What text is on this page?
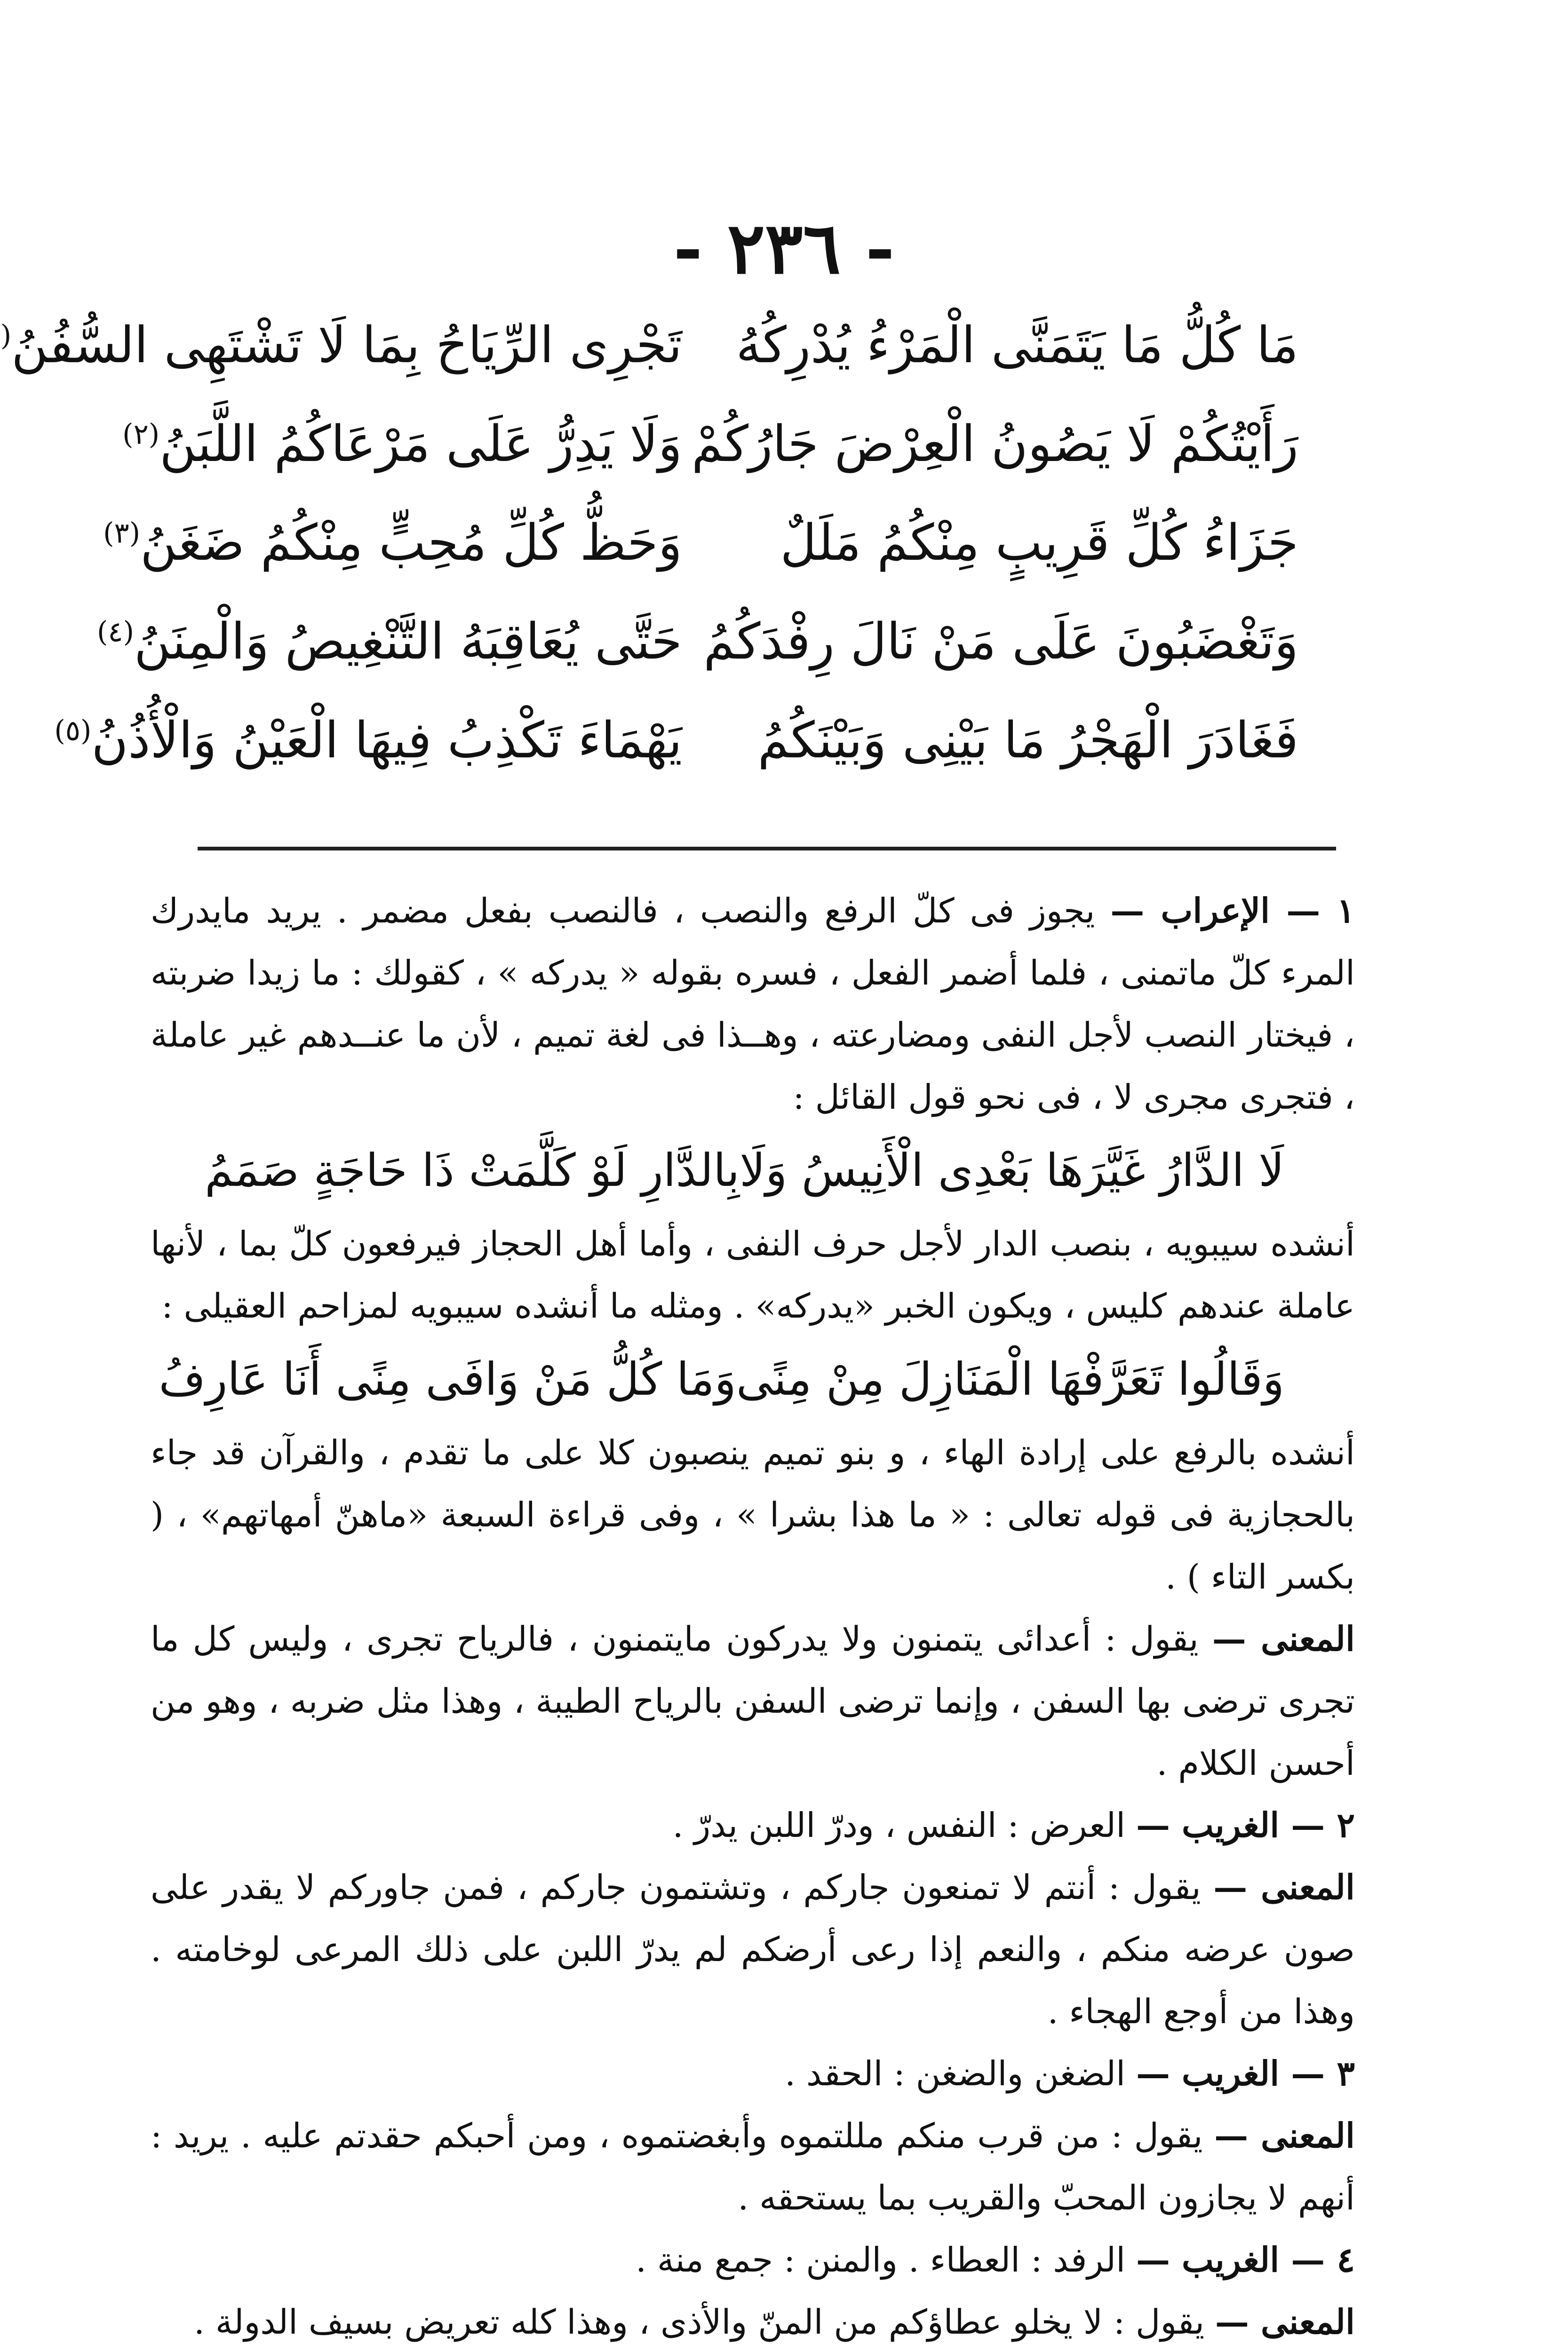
- ٢٣٦ -
مَا كُلُّ مَا يَتَمَنَّى الْمَرْءُ يُدْرِكُهُ
تَجْرِى الرِّيَاحُ بِمَا لَا تَشْتَهِى السُّفُنُ(
رَأَيْتُكُمْ لَا يَصُونُ الْعِرْضَ جَارُكُمْ
وَلَا يَدِرُّ عَلَى مَرْعَاكُمُ اللَّبَنُ$^{(٢)}$
جَزَاءُ كُلِّ قَرِيبٍ مِنْكُمُ مَلَلٌ
وَحَظُّ كُلِّ مُحِبٍّ مِنْكُمُ ضَغَنُ$^{(٣)}$
وَتَغْضَبُونَ عَلَى مَنْ نَالَ رِفْدَكُمُ
حَتَّى يُعَاقِبَهُ التَّنْغِيصُ وَالْمِنَنُ$^{(٤)}$
فَغَادَرَ الْهَجْرُ مَا بَيْنِى وَبَيْنَكُمُ
يَهْمَاءَ تَكْذِبُ فِيهَا الْعَيْنُ وَالْأُذُنُ$^{(٥)}$

١ — الإعراب — يجوز فى كلّ الرفع والنصب ، فالنصب بفعل مضمر . يريد مايدرك المرء كلّ ماتمنى ، فلما أضمر الفعل ، فسره بقوله « يدركه » ، كقولك : ما زيدا ضربته ، فيختار النصب لأجل النفى ومضارعته ، وهــذا فى لغة تميم ، لأن ما عنــدهم غير عاملة ، فتجرى مجرى لا ، فى نحو قول القائل :

لَا الدَّارُ غَيَّرَهَا بَعْدِى الْأَنِيسُ وَلَا
بِالدَّارِ لَوْ كَلَّمَتْ ذَا حَاجَةٍ صَمَمُ

أنشده سيبويه ، بنصب الدار لأجل حرف النفى ، وأما أهل الحجاز فيرفعون كلّ بما ، لأنها عاملة عندهم كليس ، ويكون الخبر «يدركه» . ومثله ما أنشده سيبويه لمزاحم العقيلى :

وَقَالُوا تَعَرَّفْهَا الْمَنَازِلَ مِنْ مِنًى
وَمَا كُلُّ مَنْ وَافَى مِنًى أَنَا عَارِفُ

أنشده بالرفع على إرادة الهاء ، و بنو تميم ينصبون كلا على ما تقدم ، والقرآن قد جاء بالحجازية فى قوله تعالى : « ما هذا بشرا » ، وفى قراءة السبعة «ماهنّ أمهاتهم» ، ( بكسر التاء ) .

المعنى — يقول : أعدائى يتمنون ولا يدركون مايتمنون ، فالرياح تجرى ، وليس كل ما تجرى ترضى بها السفن ، وإنما ترضى السفن بالرياح الطيبة ، وهذا مثل ضربه ، وهو من أحسن الكلام .

٢ — الغريب — العرض : النفس ، ودرّ اللبن يدرّ .

المعنى — يقول : أنتم لا تمنعون جاركم ، وتشتمون جاركم ، فمن جاوركم لا يقدر على صون عرضه منكم ، والنعم إذا رعى أرضكم لم يدرّ اللبن على ذلك المرعى لوخامته . وهذا من أوجع الهجاء .

٣ — الغريب — الضغن والضغن : الحقد .

المعنى — يقول : من قرب منكم مللتموه وأبغضتموه ، ومن أحبكم حقدتم عليه . يريد : أنهم لا يجازون المحبّ والقريب بما يستحقه .

٤ — الغريب — الرفد : العطاء . والمنن : جمع منة .

المعنى — يقول : لا يخلو عطاؤكم من المنّ والأذى ، وهذا كله تعريض بسيف الدولة .
